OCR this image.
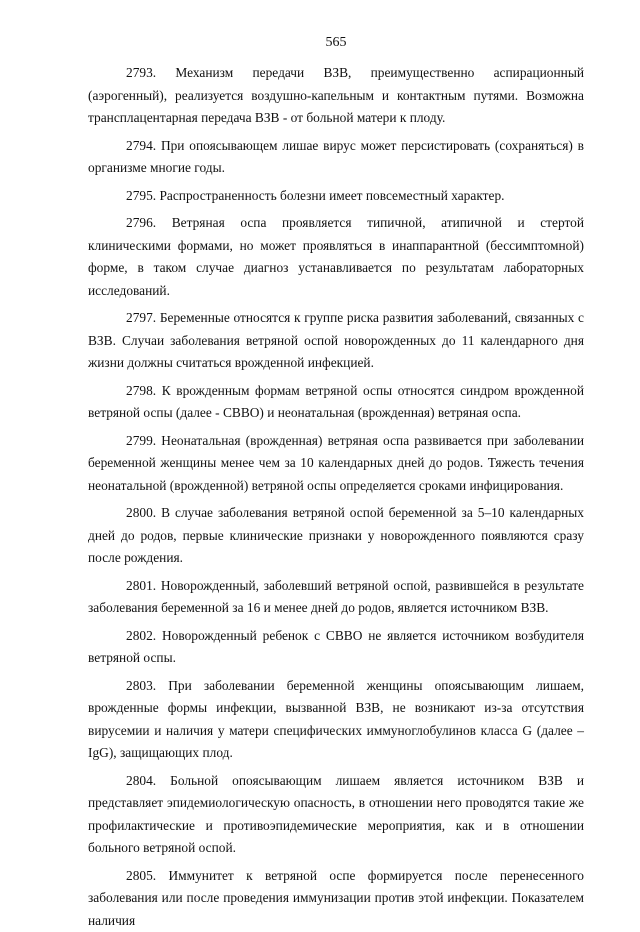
565

2793. Механизм передачи ВЗВ, преимущественно аспирационный (аэрогенный), реализуется воздушно-капельным и контактным путями. Возможна трансплацентарная передача ВЗВ - от больной матери к плоду.

2794. При опоясывающем лишае вирус может персистировать (сохраняться) в организме многие годы.

2795. Распространенность болезни имеет повсеместный характер.

2796. Ветряная оспа проявляется типичной, атипичной и стертой клиническими формами, но может проявляться в инаппарантной (бессимптомной) форме, в таком случае диагноз устанавливается по результатам лабораторных исследований.

2797. Беременные относятся к группе риска развития заболеваний, связанных с ВЗВ. Случаи заболевания ветряной оспой новорожденных до 11 календарного дня жизни должны считаться врожденной инфекцией.

2798. К врожденным формам ветряной оспы относятся синдром врожденной ветряной оспы (далее - СВВО) и неонатальная (врожденная) ветряная оспа.

2799. Неонатальная (врожденная) ветряная оспа развивается при заболевании беременной женщины менее чем за 10 календарных дней до родов. Тяжесть течения неонатальной (врожденной) ветряной оспы определяется сроками инфицирования.

2800. В случае заболевания ветряной оспой беременной за 5–10 календарных дней до родов, первые клинические признаки у новорожденного появляются сразу после рождения.

2801. Новорожденный, заболевший ветряной оспой, развившейся в результате заболевания беременной за 16 и менее дней до родов, является источником ВЗВ.

2802. Новорожденный ребенок с СВВО не является источником возбудителя ветряной оспы.

2803. При заболевании беременной женщины опоясывающим лишаем, врожденные формы инфекции, вызванной ВЗВ, не возникают из-за отсутствия вирусемии и наличия у матери специфических иммуноглобулинов класса G (далее – IgG), защищающих плод.

2804. Больной опоясывающим лишаем является источником ВЗВ и представляет эпидемиологическую опасность, в отношении него проводятся такие же профилактические и противоэпидемические мероприятия, как и в отношении больного ветряной оспой.

2805. Иммунитет к ветряной оспе формируется после перенесенного заболевания или после проведения иммунизации против этой инфекции. Показателем наличия
